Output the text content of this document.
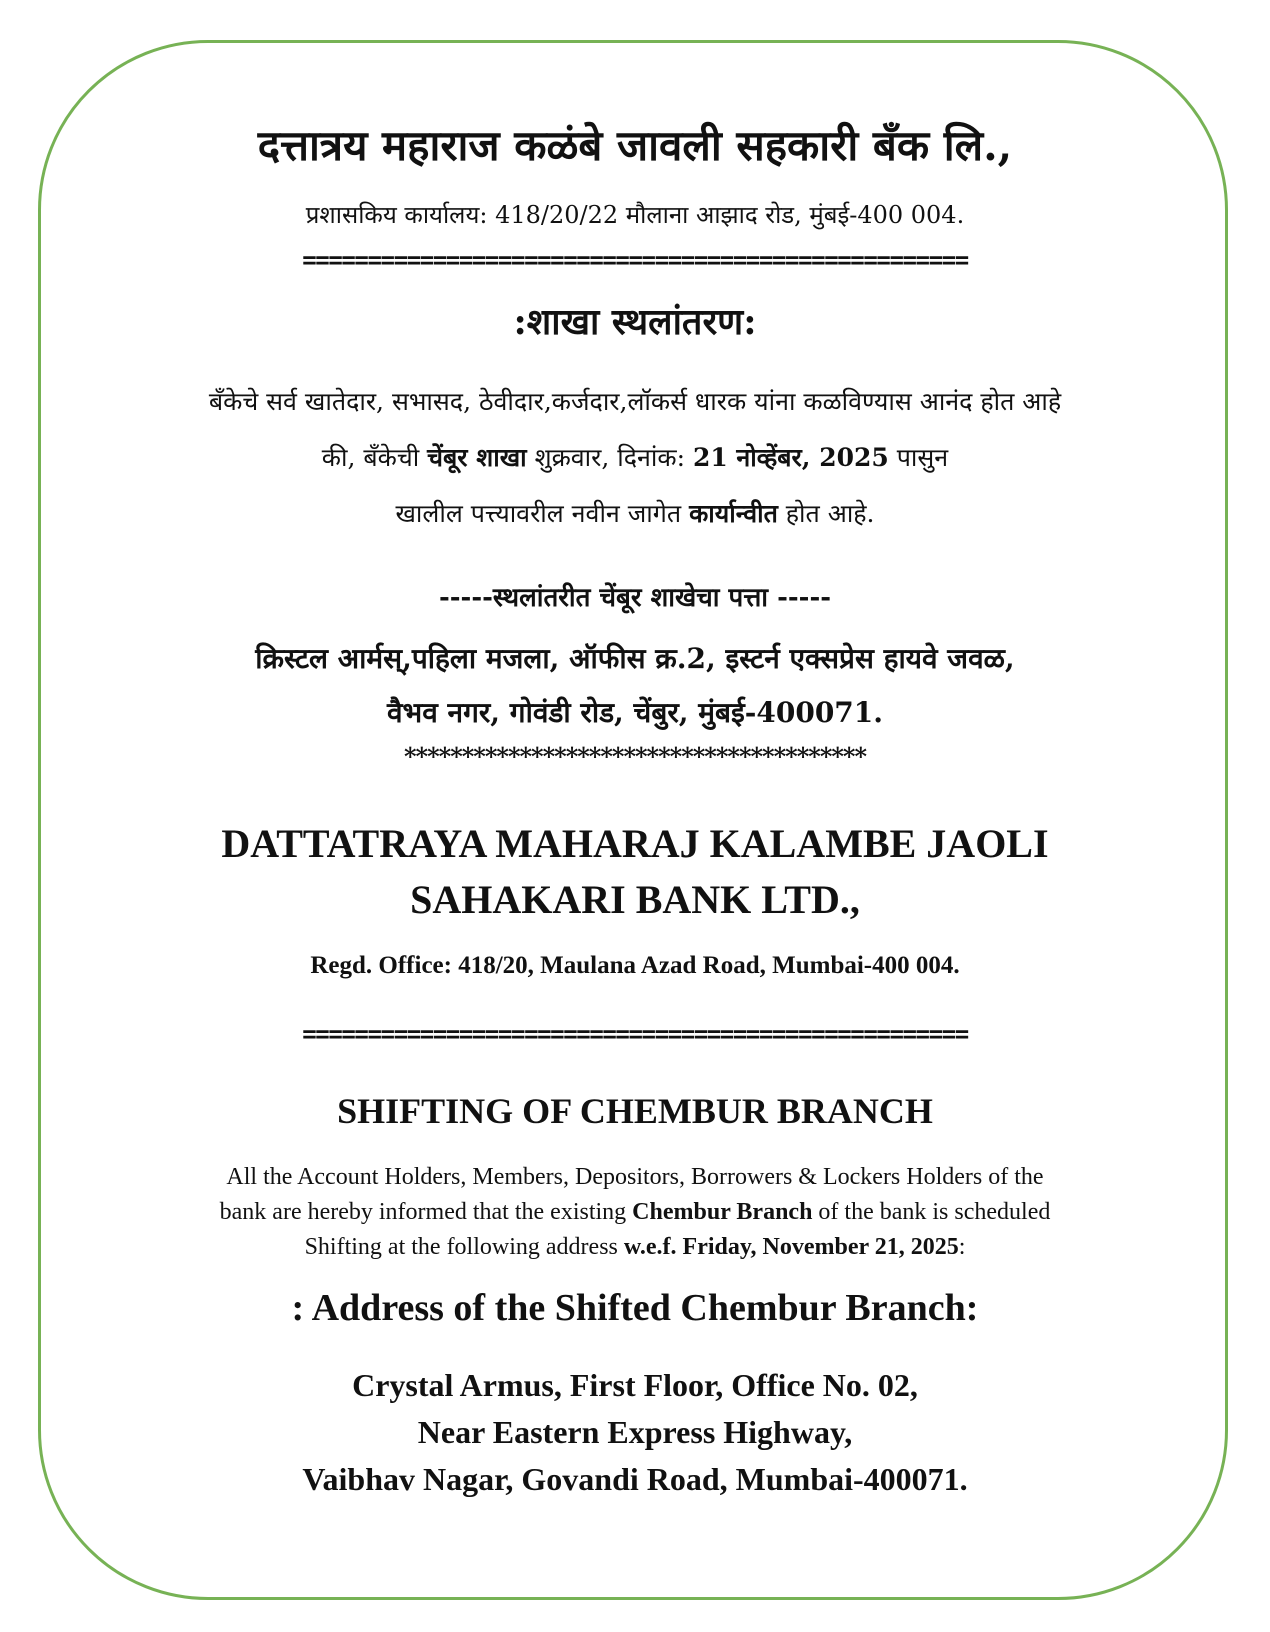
दत्तात्रय महाराज कळंबे जावली सहकारी बँक लि.,

प्रशासकिय कार्यालय: 418/20/22 मौलाना आझाद रोड, मुंबई-400 004.

===================================================

:शाखा स्थलांतरण:

बँकेचे सर्व खातेदार, सभासद, ठेवीदार,कर्जदार,लॉकर्स धारक यांना कळविण्यास आनंद होत आहे
की, बँकेची चेंबूर शाखा शुक्रवार, दिनांक: 21 नोव्हेंबर, 2025 पासुन
खालील पत्त्यावरील नवीन जागेत कार्यान्वीत होत आहे.

-----स्थलांतरीत चेंबूर शाखेचा पत्ता -----

क्रिस्टल आर्मस्,पहिला मजला, ऑफीस क्र.2, इस्टर्न एक्सप्रेस हायवे जवळ,
वैभव नगर, गोवंडी रोड, चेंबुर, मुंबई-400071.

****************************************

DATTATRAYA MAHARAJ KALAMBE JAOLI
SAHAKARI BANK LTD.,

Regd. Office: 418/20, Maulana Azad Road, Mumbai-400 004.

===================================================

SHIFTING OF CHEMBUR BRANCH

All the Account Holders, Members, Depositors, Borrowers & Lockers Holders of the
bank are hereby informed that the existing Chembur Branch of the bank is scheduled
Shifting at the following address w.e.f. Friday, November 21, 2025:

: Address of the Shifted Chembur Branch:

Crystal Armus, First Floor, Office No. 02,
Near Eastern Express Highway,
Vaibhav Nagar, Govandi Road, Mumbai-400071.
